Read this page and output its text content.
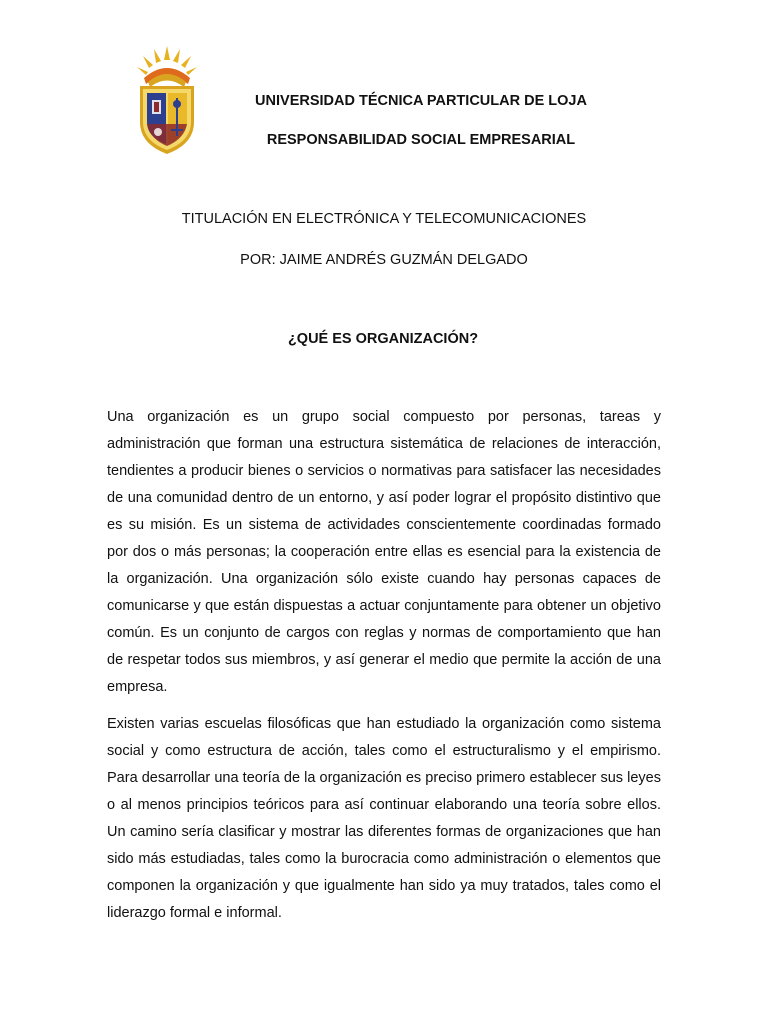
UNIVERSIDAD TÉCNICA PARTICULAR DE LOJA
RESPONSABILIDAD SOCIAL EMPRESARIAL
TITULACIÓN EN ELECTRÓNICA Y TELECOMUNICACIONES
POR: JAIME ANDRÉS GUZMÁN DELGADO
¿QUÉ ES ORGANIZACIÓN?

Una organización es un grupo social compuesto por personas, tareas y administración que forman una estructura sistemática de relaciones de interacción, tendientes a producir bienes o servicios o normativas para satisfacer las necesidades de una comunidad dentro de un entorno, y así poder lograr el propósito distintivo que es su misión. Es un sistema de actividades conscientemente coordinadas formado por dos o más personas; la cooperación entre ellas es esencial para la existencia de la organización. Una organización sólo existe cuando hay personas capaces de comunicarse y que están dispuestas a actuar conjuntamente para obtener un objetivo común. Es un conjunto de cargos con reglas y normas de comportamiento que han de respetar todos sus miembros, y así generar el medio que permite la acción de una empresa.

Existen varias escuelas filosóficas que han estudiado la organización como sistema social y como estructura de acción, tales como el estructuralismo y el empirismo. Para desarrollar una teoría de la organización es preciso primero establecer sus leyes o al menos principios teóricos para así continuar elaborando una teoría sobre ellos. Un camino sería clasificar y mostrar las diferentes formas de organizaciones que han sido más estudiadas, tales como la burocracia como administración o elementos que componen la organización y que igualmente han sido ya muy tratados, tales como el liderazgo formal e informal.
